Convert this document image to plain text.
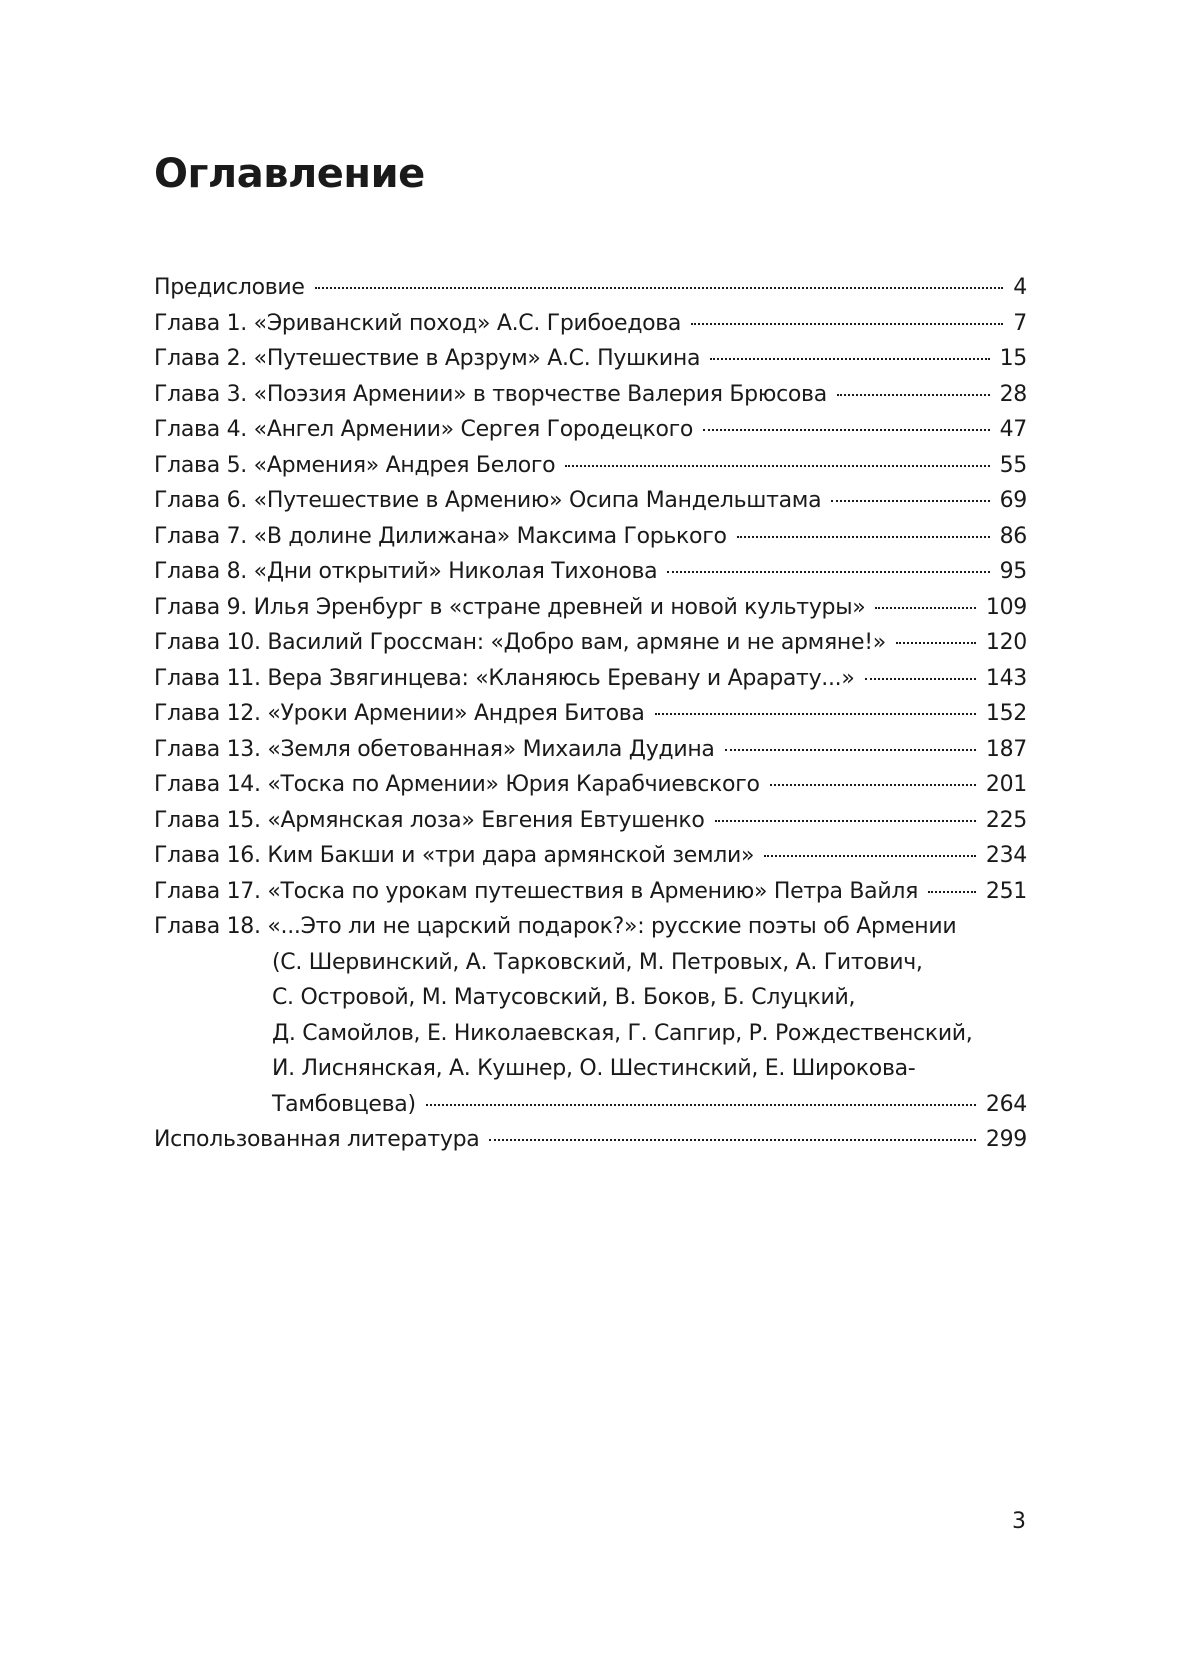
Оглавление
Предисловие	4
Глава 1. «Эриванский поход» А.С. Грибоедова	7
Глава 2. «Путешествие в Арзрум» А.С. Пушкина	15
Глава 3. «Поэзия Армении» в творчестве Валерия Брюсова	28
Глава 4. «Ангел Армении» Сергея Городецкого	47
Глава 5. «Армения» Андрея Белого	55
Глава 6. «Путешествие в Армению» Осипа Мандельштама	69
Глава 7. «В долине Дилижана» Максима Горького	86
Глава 8. «Дни открытий» Николая Тихонова	95
Глава 9. Илья Эренбург в «стране древней и новой культуры»	109
Глава 10. Василий Гроссман: «Добро вам, армяне и не армяне!»	120
Глава 11. Вера Звягинцева: «Кланяюсь Еревану и Арарату...»	143
Глава 12. «Уроки Армении» Андрея Битова	152
Глава 13. «Земля обетованная» Михаила Дудина	187
Глава 14. «Тоска по Армении» Юрия Карабчиевского	201
Глава 15. «Армянская лоза» Евгения Евтушенко	225
Глава 16. Ким Бакши и «три дара армянской земли»	234
Глава 17. «Тоска по урокам путешествия в Армению» Петра Вайля	251
Глава 18. «...Это ли не царский подарок?»: русские поэты об Армении
(С. Шервинский, А. Тарковский, М. Петровых, А. Гитович,
С. Островой, М. Матусовский, В. Боков, Б. Слуцкий,
Д. Самойлов, Е. Николаевская, Г. Сапгир, Р. Рождественский,
И. Лиснянская, А. Кушнер, О. Шестинский, Е. Широкова-
Тамбовцева)	264
Использованная литература	299
3
